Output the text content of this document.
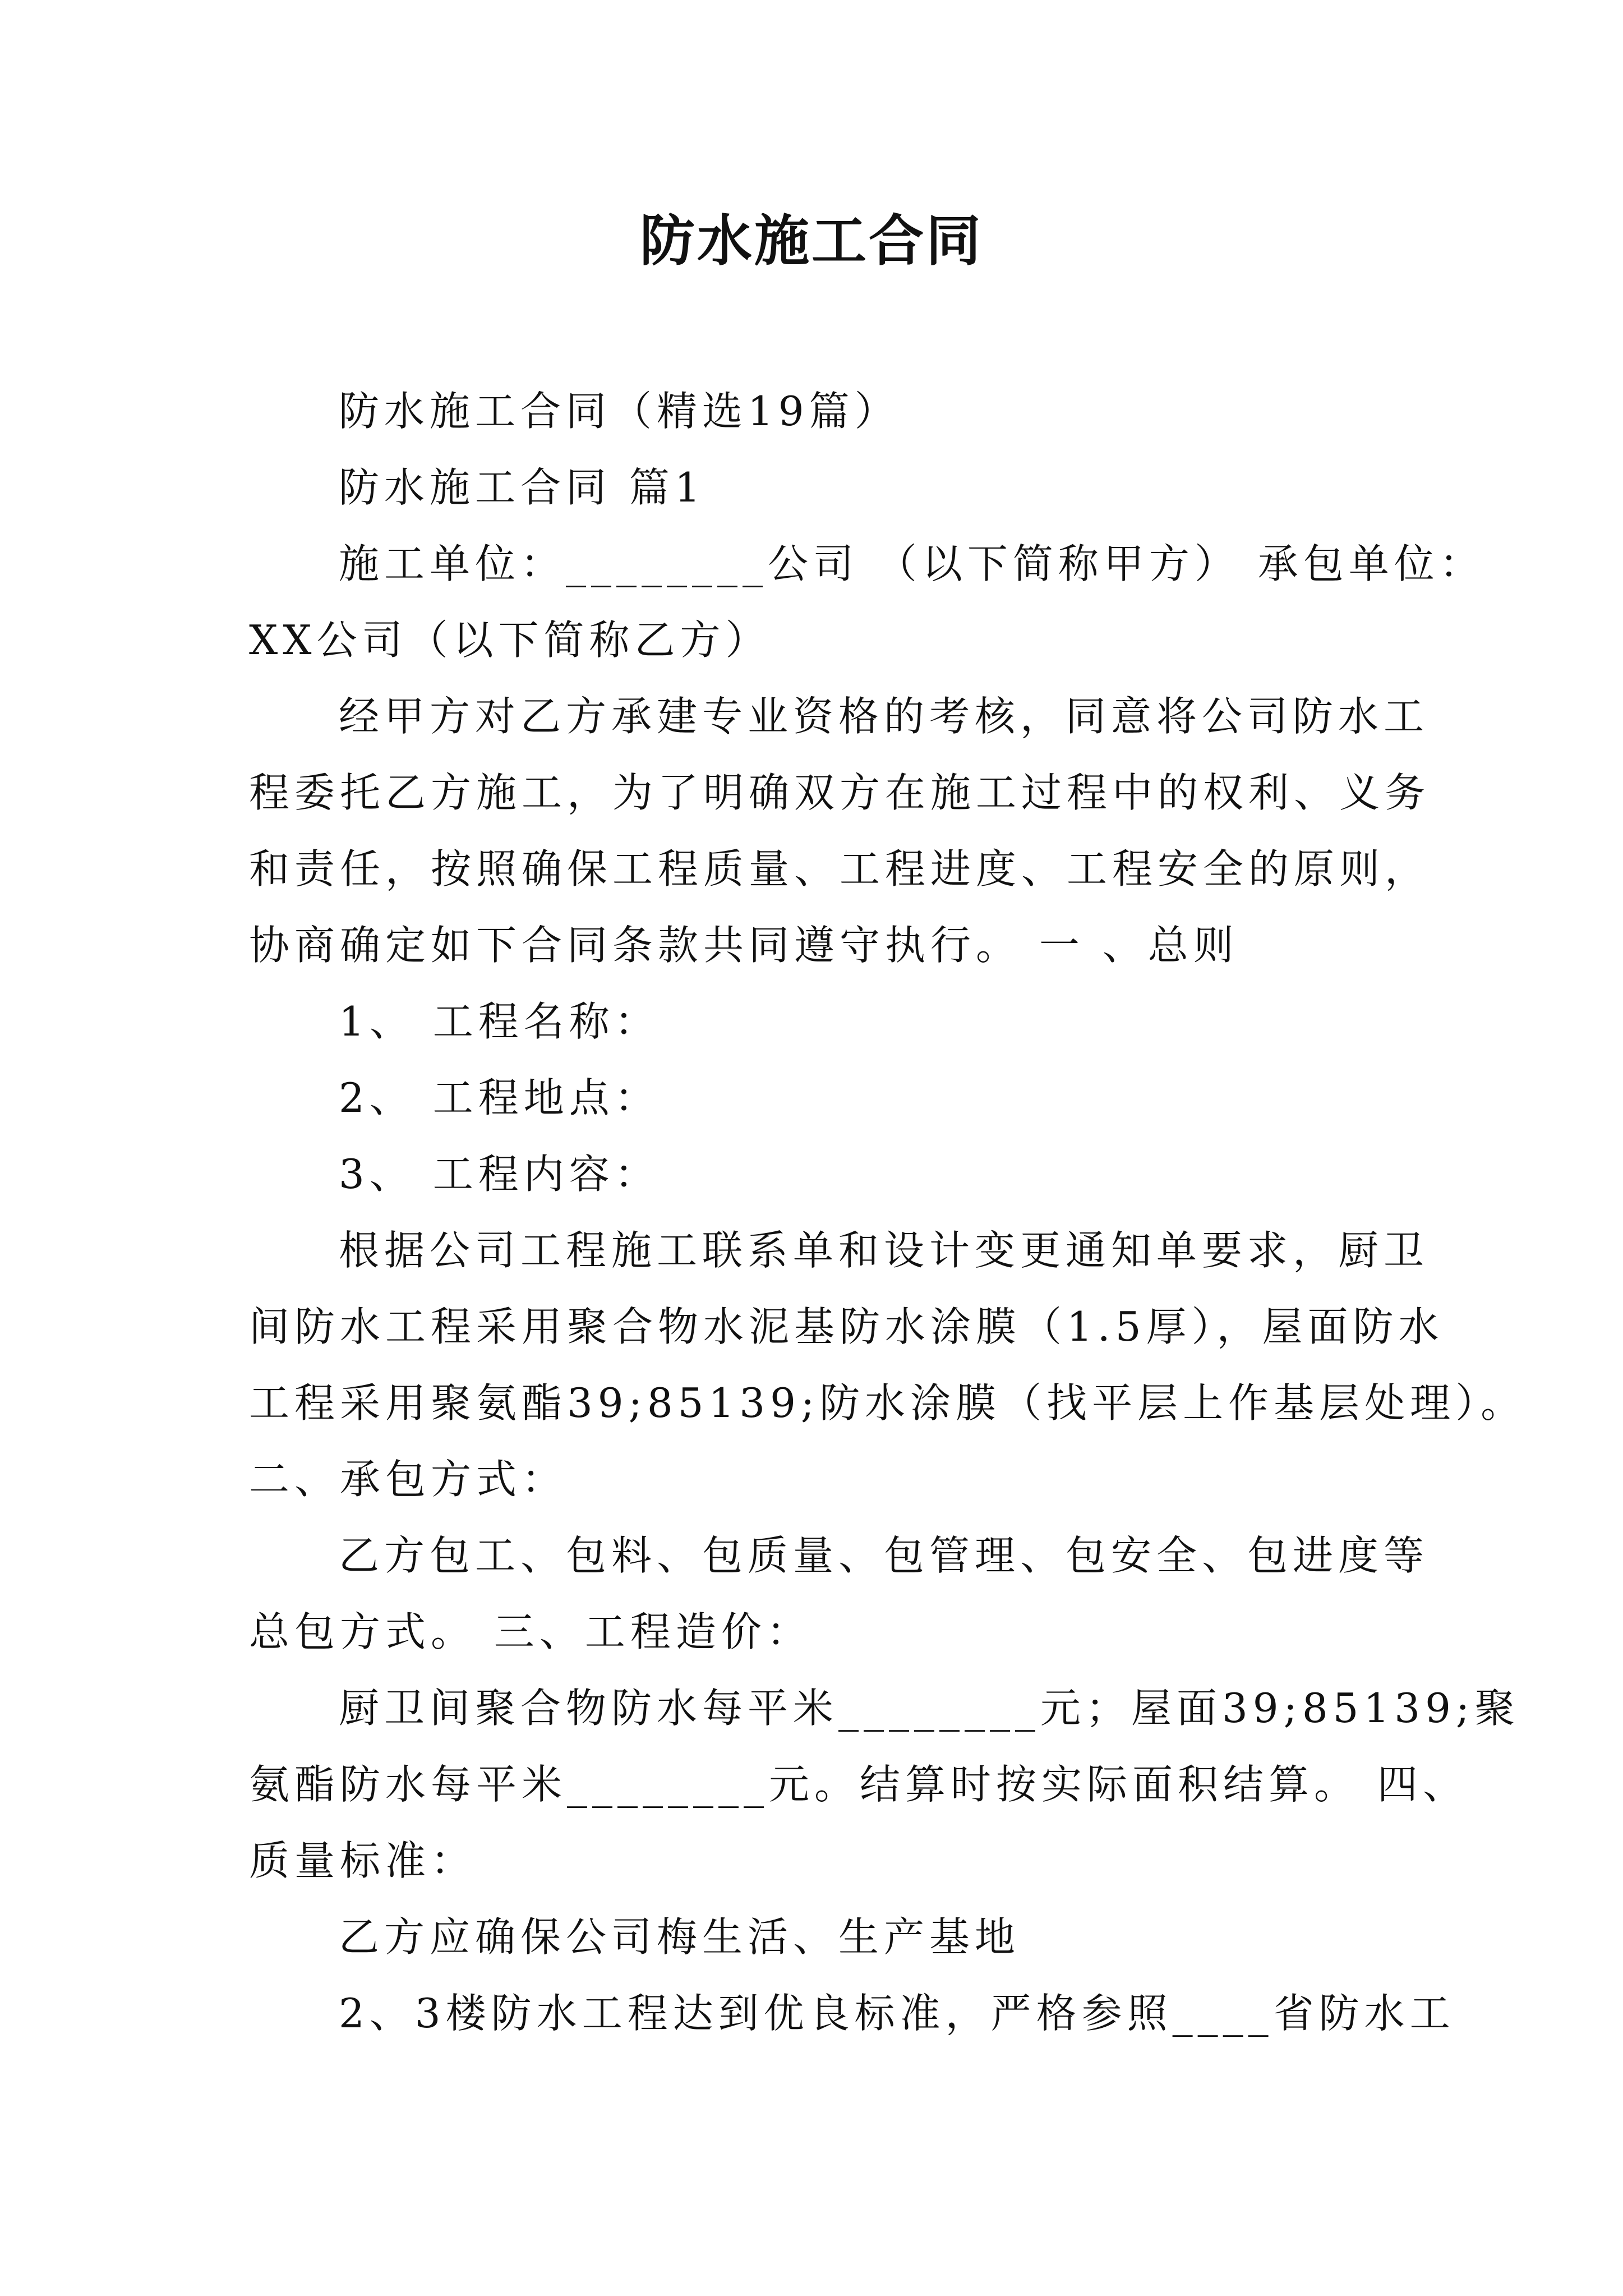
防水施工合同
防水施工合同（精选19篇）
防水施工合同 篇1
施工单位：________公司 （以下简称甲方） 承包单位：
XX公司（以下简称乙方）
经甲方对乙方承建专业资格的考核，同意将公司防水工
程委托乙方施工，为了明确双方在施工过程中的权利、义务
和责任，按照确保工程质量、工程进度、工程安全的原则，
协商确定如下合同条款共同遵守执行。 一 、总则
1、 工程名称：
2、 工程地点：
3、 工程内容：
根据公司工程施工联系单和设计变更通知单要求，厨卫
间防水工程采用聚合物水泥基防水涂膜（1.5厚），屋面防水
工程采用聚氨酯39;85139;防水涂膜（找平层上作基层处理）。
二、承包方式：
乙方包工、包料、包质量、包管理、包安全、包进度等
总包方式。 三、工程造价：
厨卫间聚合物防水每平米________元；屋面39;85139;聚
氨酯防水每平米________元。结算时按实际面积结算。 四、
质量标准：
乙方应确保公司梅生活、生产基地
2、3楼防水工程达到优良标准，严格参照____省防水工
